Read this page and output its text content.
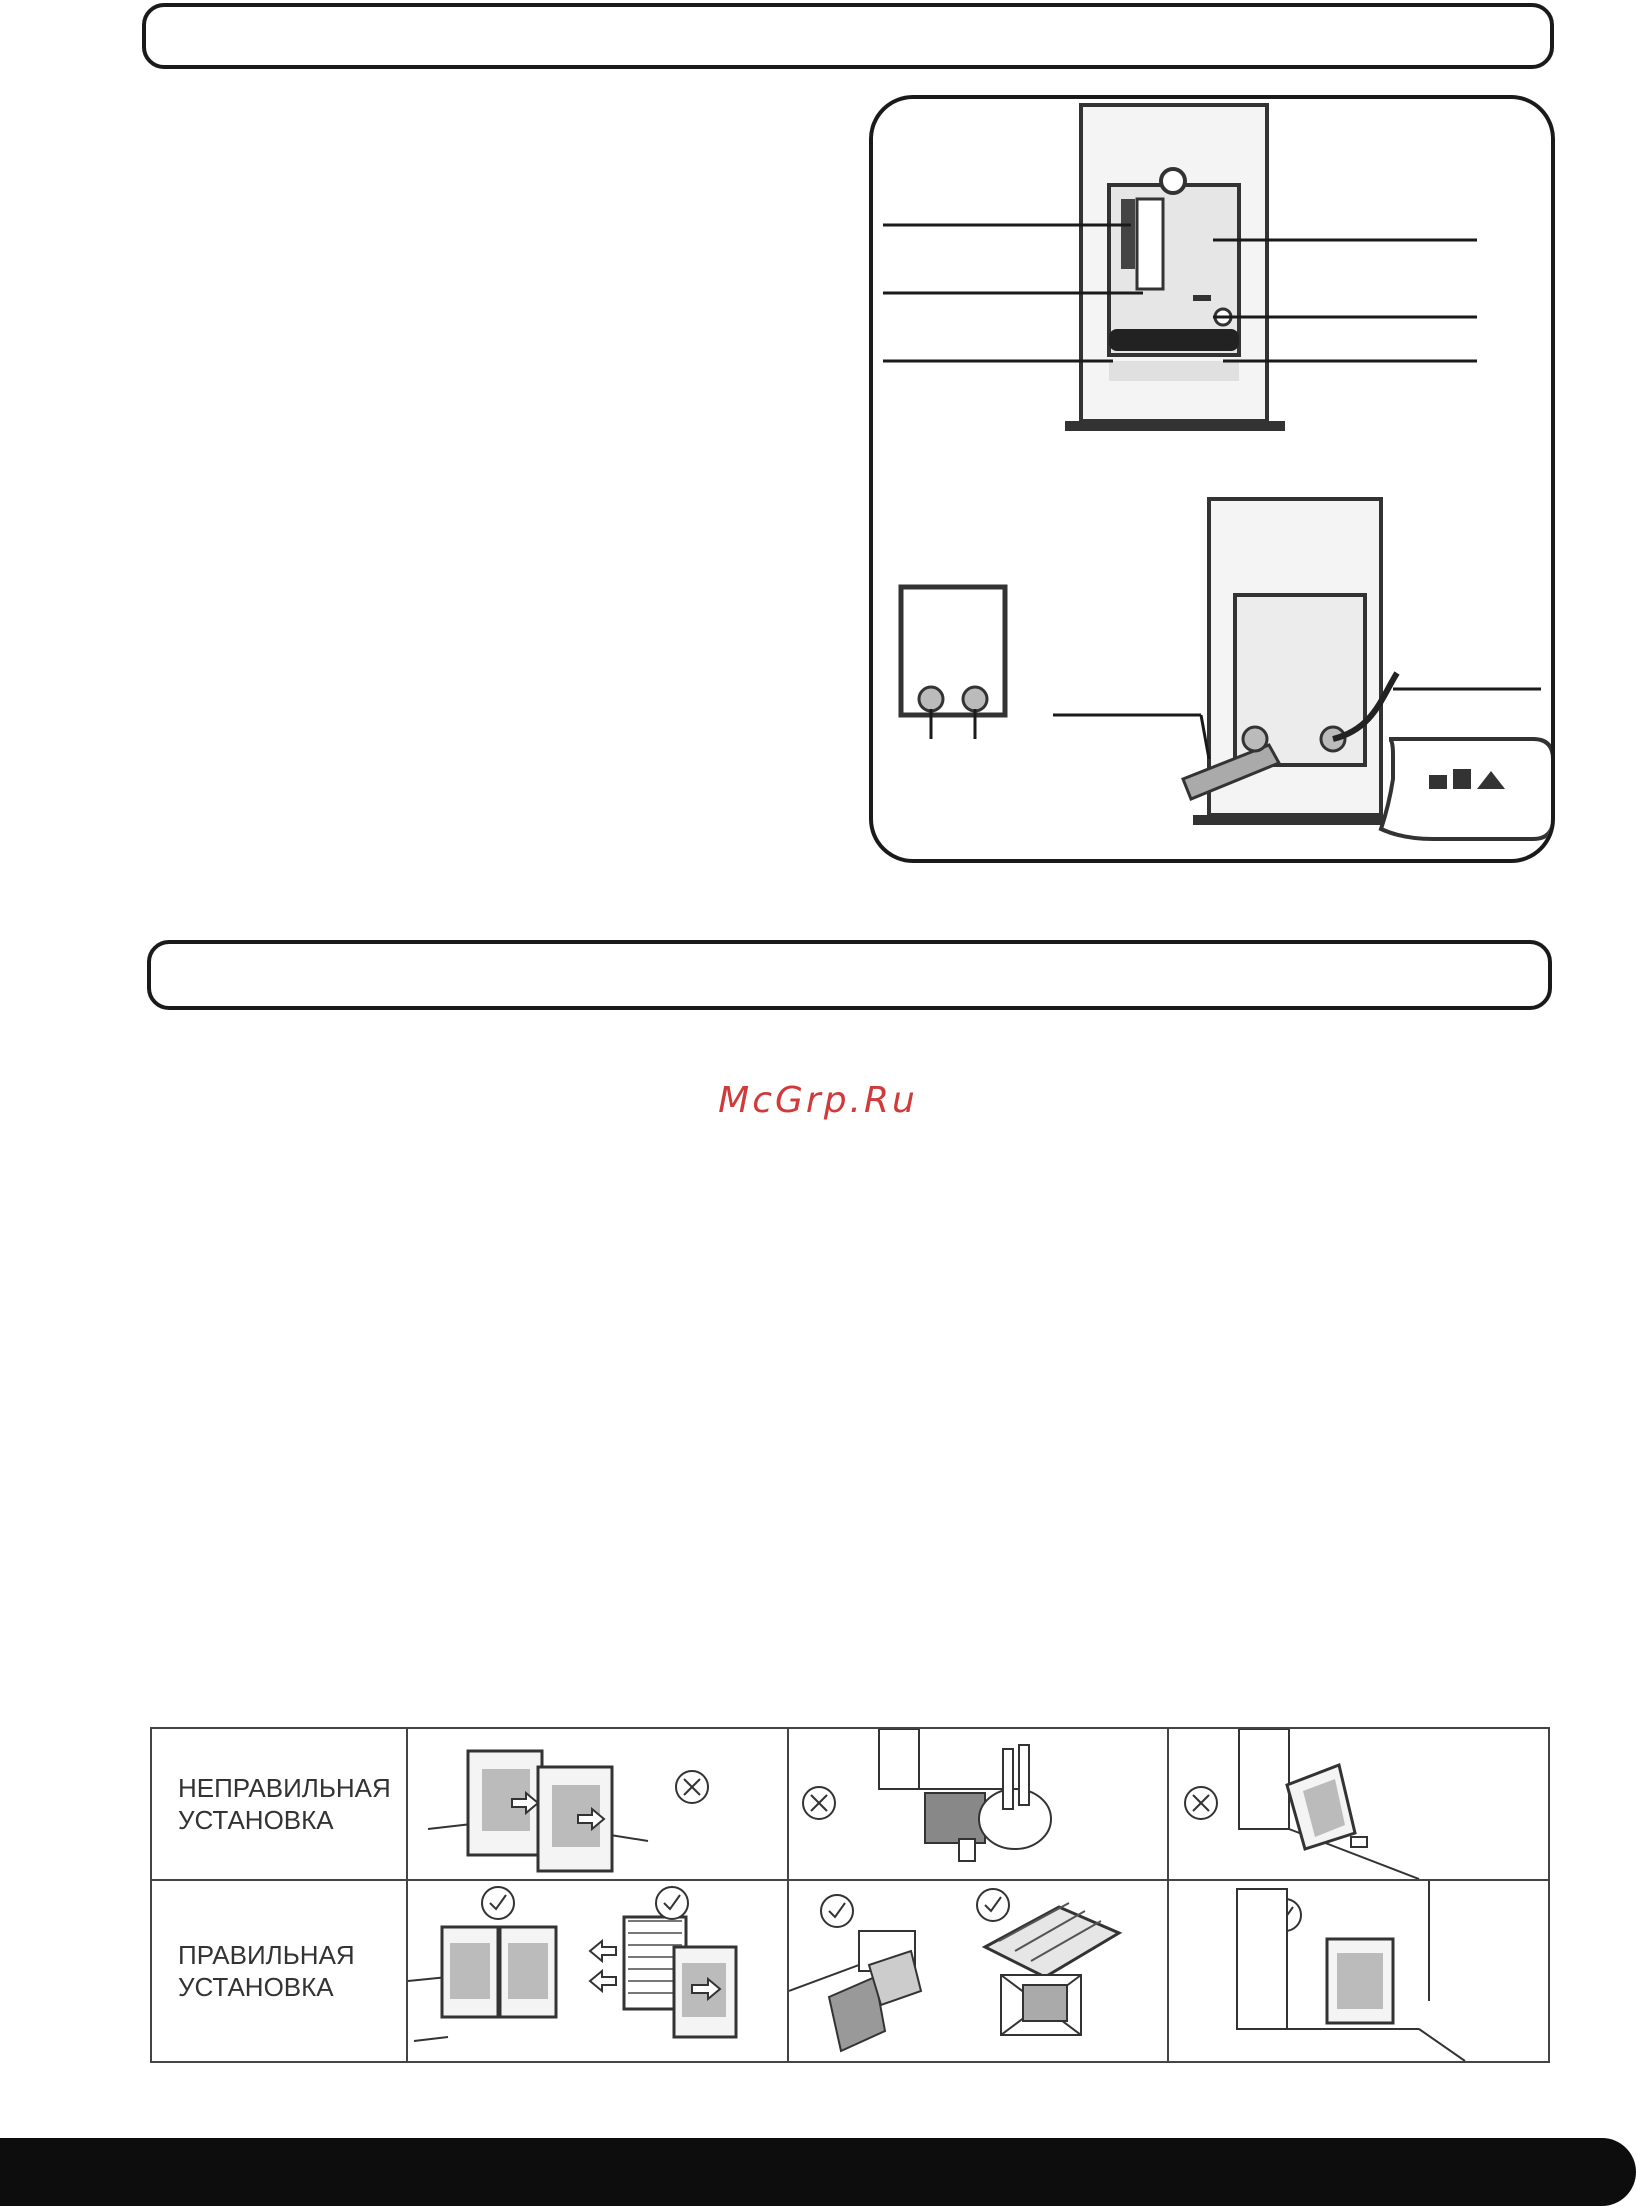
McGrp.Ru
НЕПРАВИЛЬНАЯ
УСТАНОВКА

ПРАВИЛЬНАЯ
УСТАНОВКА
